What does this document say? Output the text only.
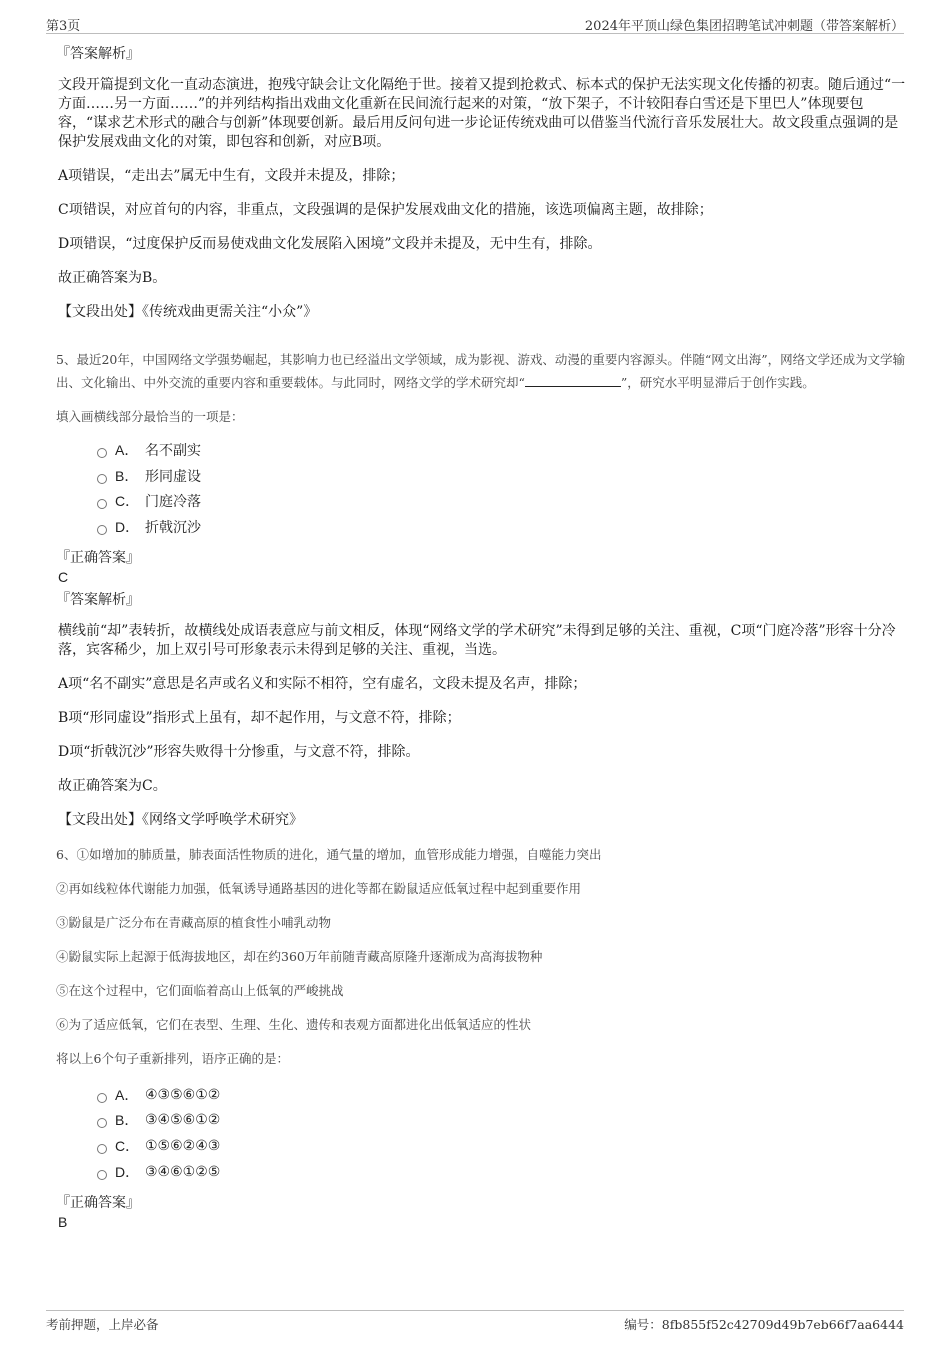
第3页	2024年平顶山绿色集团招聘笔试冲刺题（带答案解析）
『答案解析』

文段开篇提到文化一直动态演进，抱残守缺会让文化隔绝于世。接着又提到抢救式、标本式的保护无法实现文化传播的初衷。随后通过“一方面……另一方面……”的并列结构指出戏曲文化重新在民间流行起来的对策，“放下架子，不计较阳春白雪还是下里巴人”体现要包容，“谋求艺术形式的融合与创新”体现要创新。最后用反问句进一步论证传统戏曲可以借鉴当代流行音乐发展壮大。故文段重点强调的是保护发展戏曲文化的对策，即包容和创新，对应B项。

A项错误，“走出去”属无中生有，文段并未提及，排除；

C项错误，对应首句的内容，非重点，文段强调的是保护发展戏曲文化的措施，该选项偏离主题，故排除；

D项错误，“过度保护反而易使戏曲文化发展陷入困境”文段并未提及，无中生有，排除。

故正确答案为B。

【文段出处】《传统戏曲更需关注“小众”》

5、最近20年，中国网络文学强势崛起，其影响力也已经溢出文学领域，成为影视、游戏、动漫的重要内容源头。伴随“网文出海”，网络文学还成为文学输出、文化输出、中外交流的重要内容和重要载体。与此同时，网络文学的学术研究却“	”，研究水平明显滞后于创作实践。

填入画横线部分最恰当的一项是：

A． 名不副实
B． 形同虚设
C． 门庭冷落
D． 折戟沉沙
『正确答案』
C
『答案解析』

横线前“却”表转折，故横线处成语表意应与前文相反，体现“网络文学的学术研究”未得到足够的关注、重视，C项“门庭冷落”形容十分冷落，宾客稀少，加上双引号可形象表示未得到足够的关注、重视，当选。

A项“名不副实”意思是名声或名义和实际不相符，空有虚名，文段未提及名声，排除；

B项“形同虚设”指形式上虽有，却不起作用，与文意不符，排除；

D项“折戟沉沙”形容失败得十分惨重，与文意不符，排除。

故正确答案为C。

【文段出处】《网络文学呼唤学术研究》

6、①如增加的肺质量，肺表面活性物质的进化，通气量的增加，血管形成能力增强，自噬能力突出

②再如线粒体代谢能力加强，低氧诱导通路基因的进化等都在鼢鼠适应低氧过程中起到重要作用

③鼢鼠是广泛分布在青藏高原的植食性小哺乳动物

④鼢鼠实际上起源于低海拔地区，却在约360万年前随青藏高原隆升逐渐成为高海拔物种

⑤在这个过程中，它们面临着高山上低氧的严峻挑战

⑥为了适应低氧，它们在表型、生理、生化、遗传和表观方面都进化出低氧适应的性状

将以上6个句子重新排列，语序正确的是：

A． ④③⑤⑥①②
B． ③④⑤⑥①②
C． ①⑤⑥②④③
D． ③④⑥①②⑤
『正确答案』
B
考前押题，上岸必备	编号：8fb855f52c42709d49b7eb66f7aa6444
